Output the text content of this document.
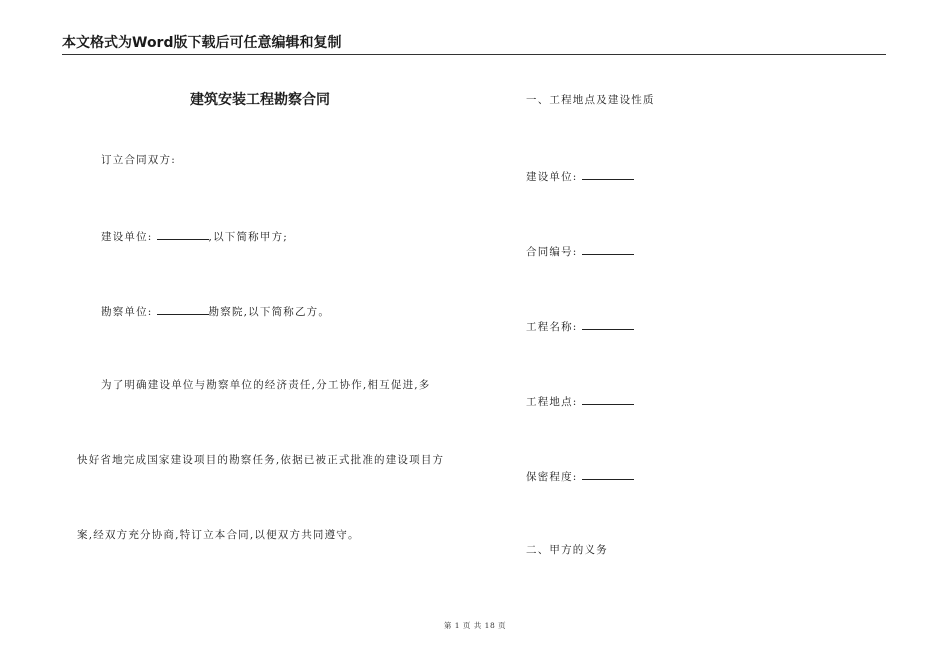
本文格式为Word版下载后可任意编辑和复制
建筑安装工程勘察合同
订立合同双方:
建设单位:	,以下简称甲方;
勘察单位:	勘察院,以下简称乙方。
为了明确建设单位与勘察单位的经济责任,分工协作,相互促进,多
快好省地完成国家建设项目的勘察任务,依据已被正式批准的建设项目方
案,经双方充分协商,特订立本合同,以便双方共同遵守。
一、工程地点及建设性质
建设单位:
合同编号:
工程名称:
工程地点:
保密程度:
二、甲方的义务
第 1 页 共 18 页
